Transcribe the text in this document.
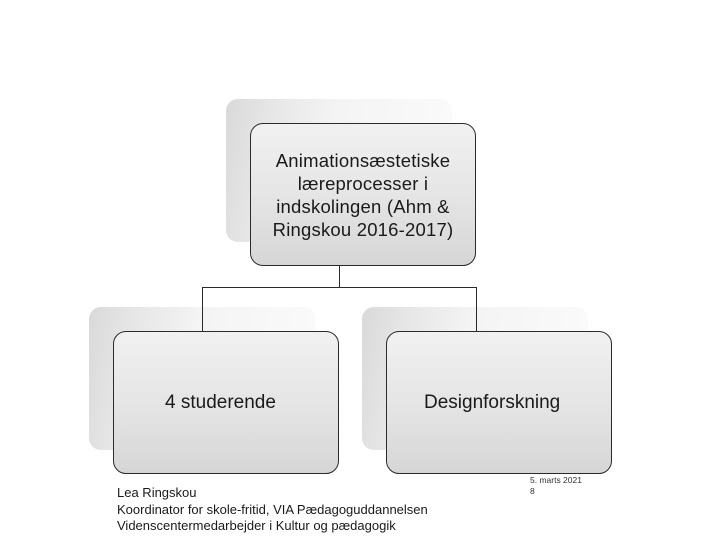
Animationsæstetiske læreprocesser i indskolingen (Ahm & Ringskou 2016-2017)
4 studerende	Designforskning
Lea Ringskou
Koordinator for skole-fritid, VIA Pædagoguddannelsen
Videnscentermedarbejder i Kultur og pædagogik
5. marts 2021
8
